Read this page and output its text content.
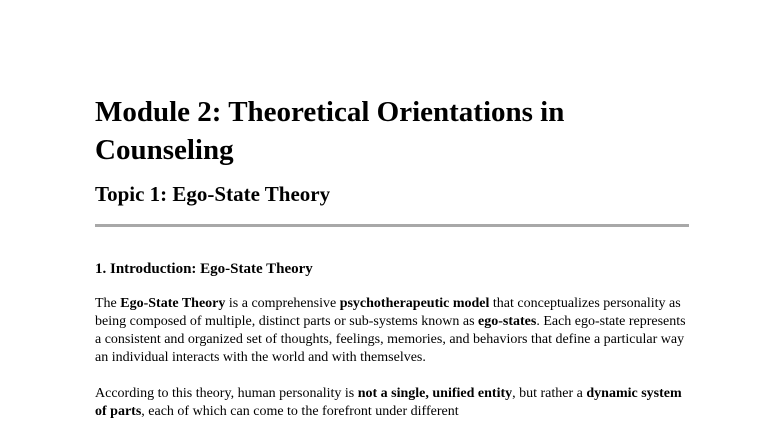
Module 2: Theoretical Orientations in Counseling
Topic 1: Ego-State Theory
1. Introduction: Ego-State Theory

The Ego-State Theory is a comprehensive psychotherapeutic model that conceptualizes personality as being composed of multiple, distinct parts or sub-systems known as ego-states. Each ego-state represents a consistent and organized set of thoughts, feelings, memories, and behaviors that define a particular way an individual interacts with the world and with themselves.

According to this theory, human personality is not a single, unified entity, but rather a dynamic system of parts, each of which can come to the forefront under different
